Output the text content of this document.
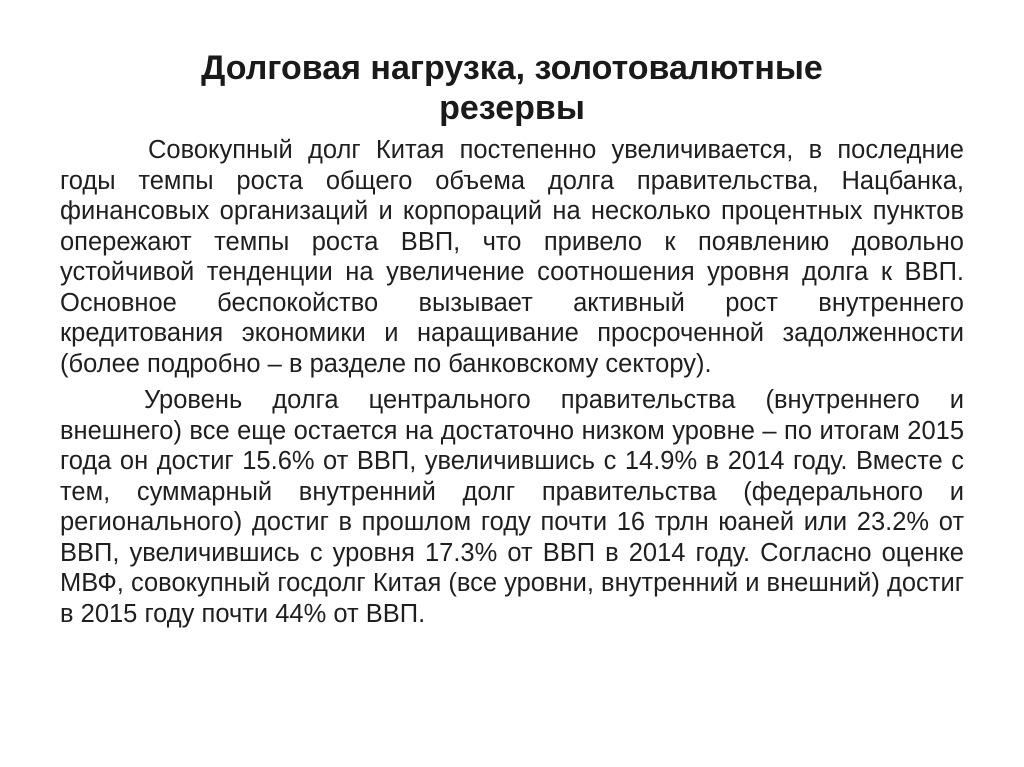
Долговая нагрузка, золотовалютные
резервы

Совокупный долг Китая постепенно увеличивается, в последние годы темпы роста общего объема долга правительства, Нацбанка, финансовых организаций и корпораций на несколько процентных пунктов опережают темпы роста ВВП, что привело к появлению довольно устойчивой тенденции на увеличение соотношения уровня долга к ВВП. Основное беспокойство вызывает активный рост внутреннего кредитования экономики и наращивание просроченной задолженности (более подробно – в разделе по банковскому сектору).

Уровень долга центрального правительства (внутреннего и внешнего) все еще остается на достаточно низком уровне – по итогам 2015 года он достиг 15.6% от ВВП, увеличившись с 14.9% в 2014 году. Вместе с тем, суммарный внутренний долг правительства (федерального и регионального) достиг в прошлом году почти 16 трлн юаней или 23.2% от ВВП, увеличившись с уровня 17.3% от ВВП в 2014 году. Согласно оценке МВФ, совокупный госдолг Китая (все уровни, внутренний и внешний) достиг в 2015 году почти 44% от ВВП.
